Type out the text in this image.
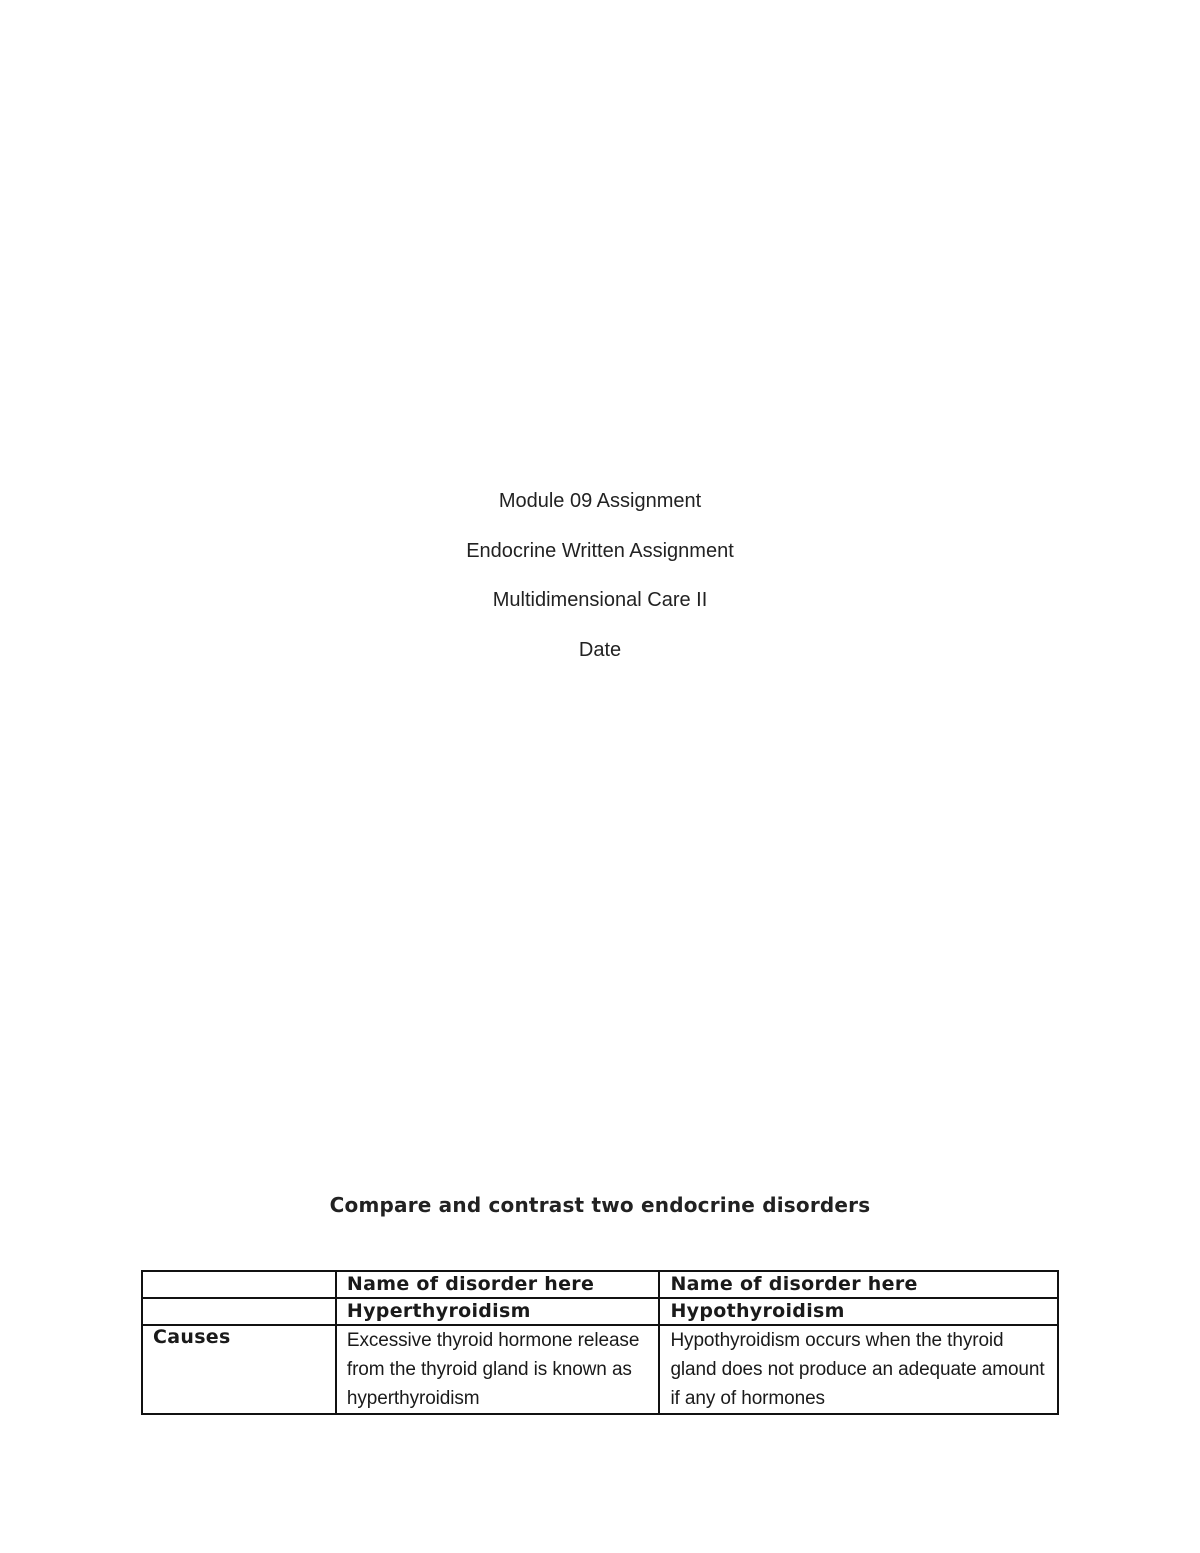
Module 09 Assignment
Endocrine Written Assignment
Multidimensional Care II
Date
Compare and contrast two endocrine disorders
	Name of disorder here	Name of disorder here
	Hyperthyroidism	Hypothyroidism
Causes	Excessive thyroid hormone release from the thyroid gland is known as hyperthyroidism	Hypothyroidism occurs when the thyroid gland does not produce an adequate amount if any of hormones
